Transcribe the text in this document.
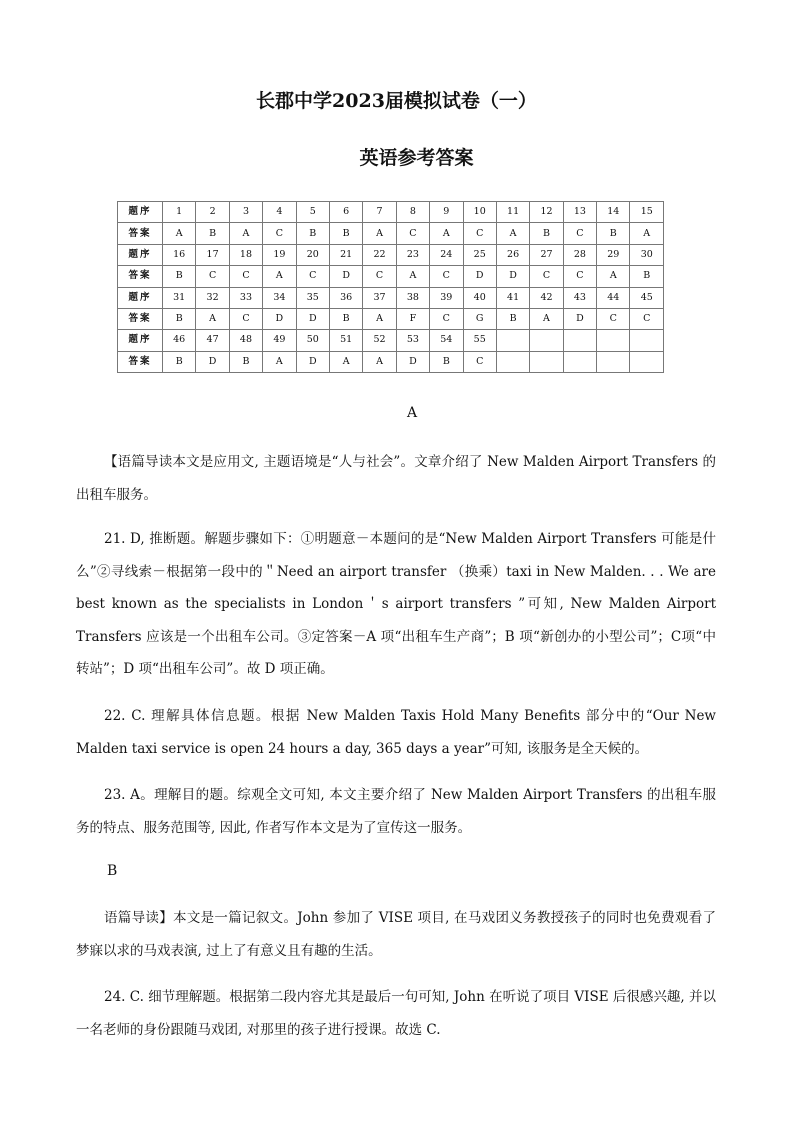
长郡中学2023届模拟试卷（一）
英语参考答案
题序	1	2	3	4	5	6	7	8	9	10	11	12	13	14	15
答案	A	B	A	C	B	B	A	C	A	C	A	B	C	B	A
题序	16	17	18	19	20	21	22	23	24	25	26	27	28	29	30
答案	B	C	C	A	C	D	C	A	C	D	D	C	C	A	B
题序	31	32	33	34	35	36	37	38	39	40	41	42	43	44	45
答案	B	A	C	D	D	B	A	F	C	G	B	A	D	C	C
题序	46	47	48	49	50	51	52	53	54	55					
答案	B	D	B	A	D	A	A	D	B	C					
A

【语篇导读本文是应用文, 主题语境是“人与社会”。文章介绍了 New Malden Airport Transfers 的出租车服务。

21. D, 推断题。解题步骤如下：①明题意－本题问的是“New Malden Airport Transfers 可能是什么”②寻线索－根据第一段中的＂Need an airport transfer （换乘）taxi in New Malden. . . We are best known as the specialists in London＇s airport transfers ”可知, New Malden Airport Transfers 应该是一个出租车公司。③定答案－A 项“出租车生产商”；B 项“新创办的小型公司”；C项“中转站”；D 项“出租车公司”。故 D 项正确。

22. C. 理解具体信息题。根据 New Malden Taxis Hold Many Benefits 部分中的“Our New Malden taxi service is open 24 hours a day, 365 days a year”可知, 该服务是全天候的。

23. A。理解目的题。综观全文可知, 本文主要介绍了 New Malden Airport Transfers 的出租车服务的特点、服务范围等, 因此, 作者写作本文是为了宣传这一服务。

B

语篇导读】本文是一篇记叙文。John 参加了 VISE 项目, 在马戏团义务教授孩子的同时也免费观看了梦寐以求的马戏表演, 过上了有意义且有趣的生活。

24. C. 细节理解题。根据第二段内容尤其是最后一句可知, John 在听说了项目 VISE 后很感兴趣, 并以一名老师的身份跟随马戏团, 对那里的孩子进行授课。故选 C.
